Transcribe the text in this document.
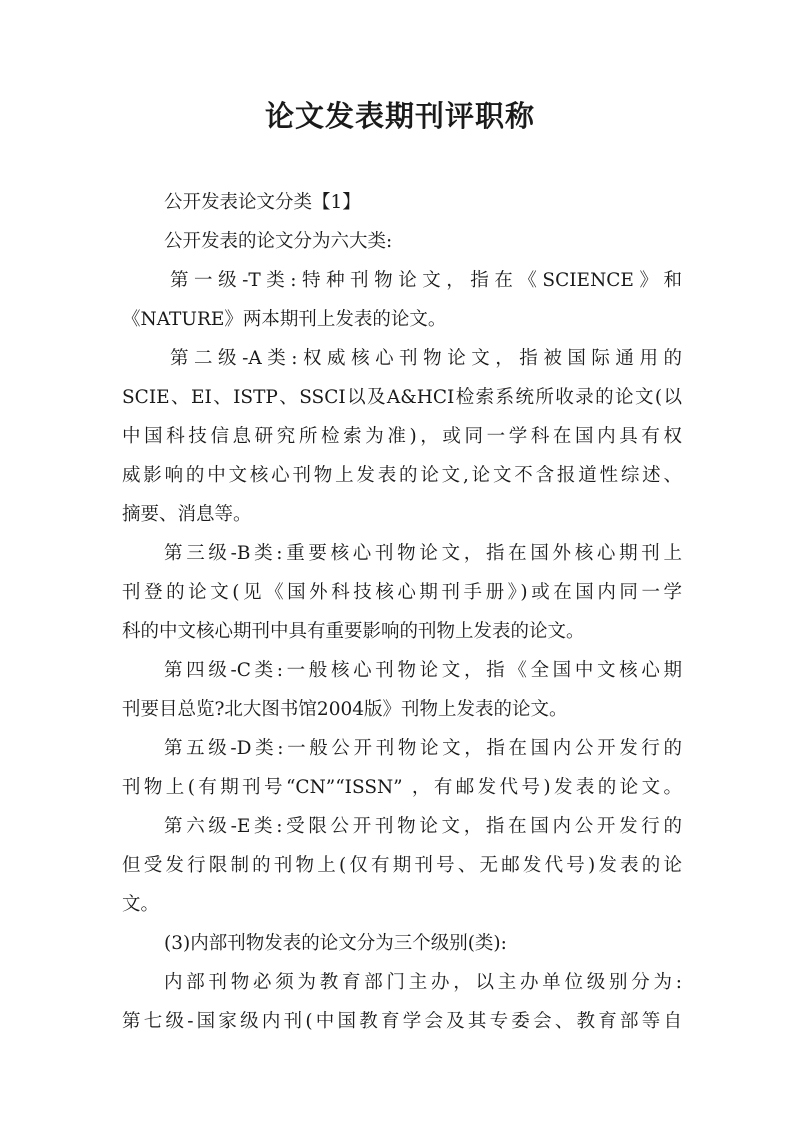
论文发表期刊评职称
公开发表论文分类【1】
公开发表的论文分为六大类:
第一级-T类:特种刊物论文，指在《SCIENCE》和
《NATURE》两本期刊上发表的论文。
第二级-A类:权威核心刊物论文，指被国际通用的
SCIE、EI、ISTP、SSCI以及A&HCI检索系统所收录的论文(以
中国科技信息研究所检索为准)，或同一学科在国内具有权
威影响的中文核心刊物上发表的论文,论文不含报道性综述、
摘要、消息等。
第三级-B类:重要核心刊物论文，指在国外核心期刊上
刊登的论文(见《国外科技核心期刊手册》)或在国内同一学
科的中文核心期刊中具有重要影响的刊物上发表的论文。
第四级-C类:一般核心刊物论文，指《全国中文核心期
刊要目总览?北大图书馆2004版》刊物上发表的论文。
第五级-D类:一般公开刊物论文，指在国内公开发行的
刊物上(有期刊号“CN”“ISSN” ，有邮发代号)发表的论文。
第六级-E类:受限公开刊物论文，指在国内公开发行的
但受发行限制的刊物上(仅有期刊号、无邮发代号)发表的论
文。
(3)内部刊物发表的论文分为三个级别(类):
内部刊物必须为教育部门主办，以主办单位级别分为:
第七级-国家级内刊(中国教育学会及其专委会、教育部等自
